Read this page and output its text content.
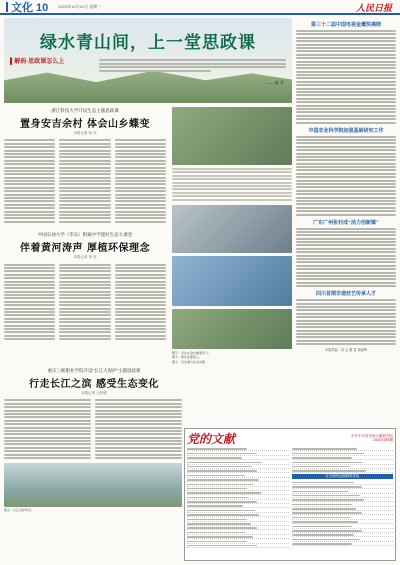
文化 10	2024年10月21日 星期一	人民日报
绿水青山间，上一堂思政课
▌解码·思政课怎么上
—— 编 者
浙江科技大学开设生态主题思政课
置身安吉余村 体会山乡蝶变
本报记者 何 冰
中国石油大学（华东）附属中学建好生态大课堂
伴着黄河涛声 厚植环保理念
本报记者 李 蕊
图①：学生在余村参观学习。
图②：师生在课堂上。
图③：学生参与生态实践。
重庆三峡职业学院开设“长江大保护”主题思政课
行走长江之滨 感受生态变化
本报记者 王欣悦
图④：长江沿岸风光。
第三十二届中国电视金鹰奖揭晓
中国农业科学院加强基础研究工作
广东广州张村成“活力创新镇”
四川首期非遗技艺传承人才
本版责编：刘 念 董 智 黄晓辉
党的文献	中共中央党史和文献研究院
2024年第5期
在全国两会期间的讲话
